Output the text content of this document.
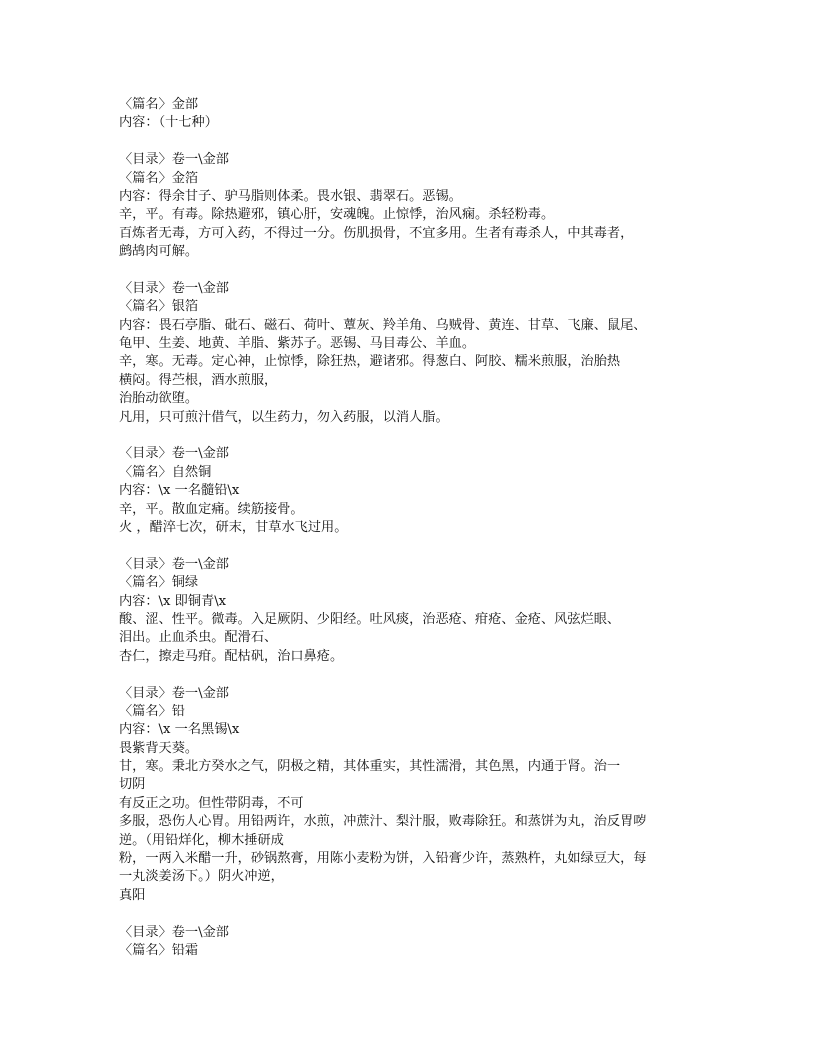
〈篇名〉金部
内容：（十七种）
〈目录〉卷一\金部
〈篇名〉金箔
内容：得余甘子、驴马脂则体柔。畏水银、翡翠石。恶锡。
辛，平。有毒。除热避邪，镇心肝，安魂魄。止惊悸，治风痫。杀轻粉毒。
百炼者无毒，方可入药，不得过一分。伤肌损骨，不宜多用。生者有毒杀人，中其毒者，
鹧鸪肉可解。
〈目录〉卷一\金部
〈篇名〉银箔
内容：畏石亭脂、砒石、磁石、荷叶、蕈灰、羚羊角、乌贼骨、黄连、甘草、飞廉、鼠尾、
龟甲、生姜、地黄、羊脂、紫苏子。恶锡、马目毒公、羊血。
辛，寒。无毒。定心神，止惊悸，除狂热，避诸邪。得葱白、阿胶、糯米煎服，治胎热
横闷。得苎根，酒水煎服，
治胎动欲堕。
凡用，只可煎汁借气，以生药力，勿入药服，以消人脂。
〈目录〉卷一\金部
〈篇名〉自然铜
内容：\x 一名髓铅\x
辛，平。散血定痛。续筋接骨。
火 ，醋淬七次，研末，甘草水飞过用。
〈目录〉卷一\金部
〈篇名〉铜绿
内容：\x 即铜青\x
酸、涩、性平。微毒。入足厥阴、少阳经。吐风痰，治恶疮、疳疮、金疮、风弦烂眼、
泪出。止血杀虫。配滑石、
杏仁，擦走马疳。配枯矾，治口鼻疮。
〈目录〉卷一\金部
〈篇名〉铅
内容：\x 一名黑锡\x
畏紫背天葵。
甘，寒。秉北方癸水之气，阴极之精，其体重实，其性濡滑，其色黑，内通于肾。治一
切阴
有反正之功。但性带阴毒，不可
多服，恐伤人心胃。用铅两许，水煎，冲蔗汁、梨汁服，败毒除狂。和蒸饼为丸，治反胃哕
逆。（用铅烊化，柳木捶研成
粉，一两入米醋一升，砂锅熬膏，用陈小麦粉为饼，入铅膏少许，蒸熟杵，丸如绿豆大，每
一丸淡姜汤下。）阴火冲逆，
真阳
〈目录〉卷一\金部
〈篇名〉铅霜
